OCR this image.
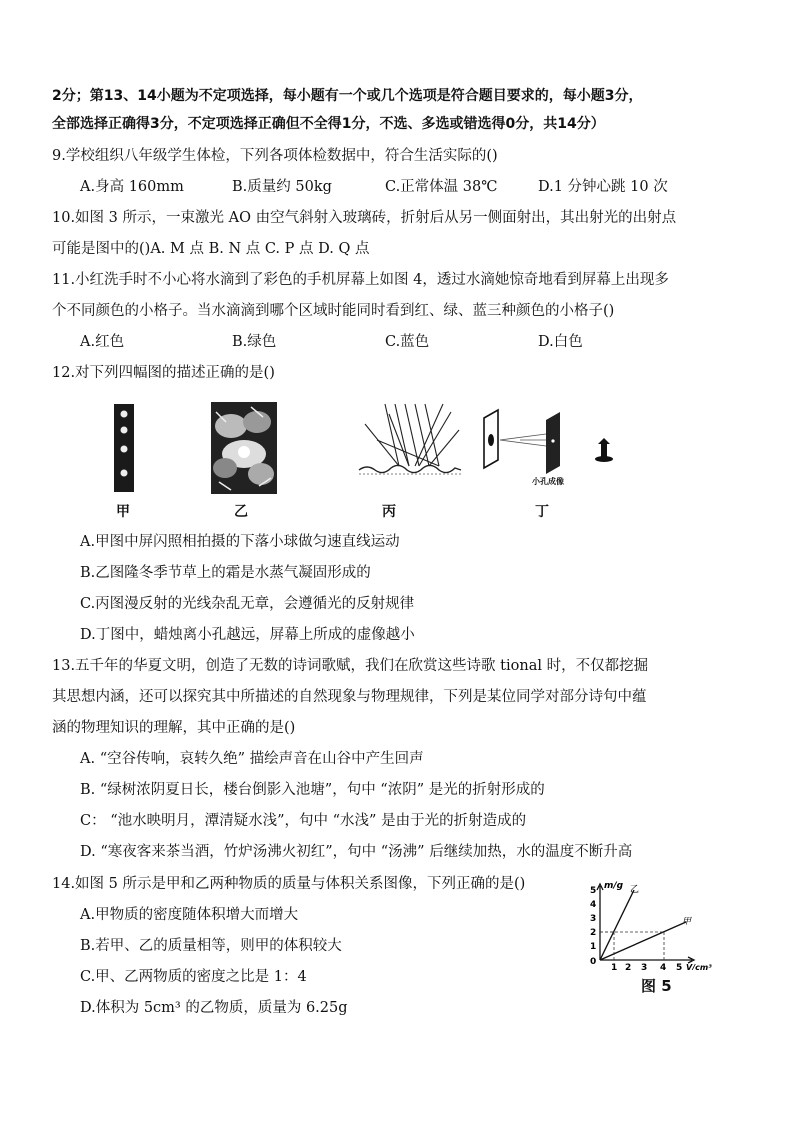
2分；第13、14小题为不定项选择，每小题有一个或几个选项是符合题目要求的，每小题3分，
全部选择正确得3分，不定项选择正确但不全得1分，不选、多选或错选得0分，共14分）
9.学校组织八年级学生体检，下列各项体检数据中，符合生活实际的()
A.身高 160mm	B.质量约 50kg	C.正常体温 38℃	D.1 分钟心跳 10 次
10.如图 3 所示，一束激光 AO 由空气斜射入玻璃砖，折射后从另一侧面射出，其出射光的出射点
可能是图中的()A. M 点 B. N 点 C. P 点 D. Q 点
11.小红洗手时不小心将水滴到了彩色的手机屏幕上如图 4，透过水滴她惊奇地看到屏幕上出现多
个不同颜色的小格子。当水滴滴到哪个区域时能同时看到红、绿、蓝三种颜色的小格子()
A.红色	B.绿色	C.蓝色	D.白色
12.对下列四幅图的描述正确的是()
甲	乙	丙
小孔成像
丁
A.甲图中屏闪照相拍摄的下落小球做匀速直线运动
B.乙图隆冬季节草上的霜是水蒸气凝固形成的
C.丙图漫反射的光线杂乱无章，会遵循光的反射规律
D.丁图中，蜡烛离小孔越远，屏幕上所成的虚像越小
13.五千年的华夏文明，创造了无数的诗词歌赋，我们在欣赏这些诗歌 tional 时，不仅都挖掘
其思想内涵，还可以探究其中所描述的自然现象与物理规律，下列是某位同学对部分诗句中蕴
涵的物理知识的理解，其中正确的是()
A. “空谷传响，哀转久绝” 描绘声音在山谷中产生回声
B. “绿树浓阴夏日长，楼台倒影入池塘”，句中 “浓阴” 是光的折射形成的
C： “池水映明月，潭清疑水浅”，句中 “水浅” 是由于光的折射造成的
D. “寒夜客来茶当酒，竹炉汤沸火初红”，句中 “汤沸” 后继续加热，水的温度不断升高
14.如图 5 所示是甲和乙两种物质的质量与体积关系图像，下列正确的是()
A.甲物质的密度随体积增大而增大
B.若甲、乙的质量相等，则甲的体积较大
C.甲、乙两物质的密度之比是 1：4
D.体积为 5cm³ 的乙物质，质量为 6.25g
m/g 乙
甲
5
4
3
2
1
0
1 2 3 4 5 V/cm³
图 5
